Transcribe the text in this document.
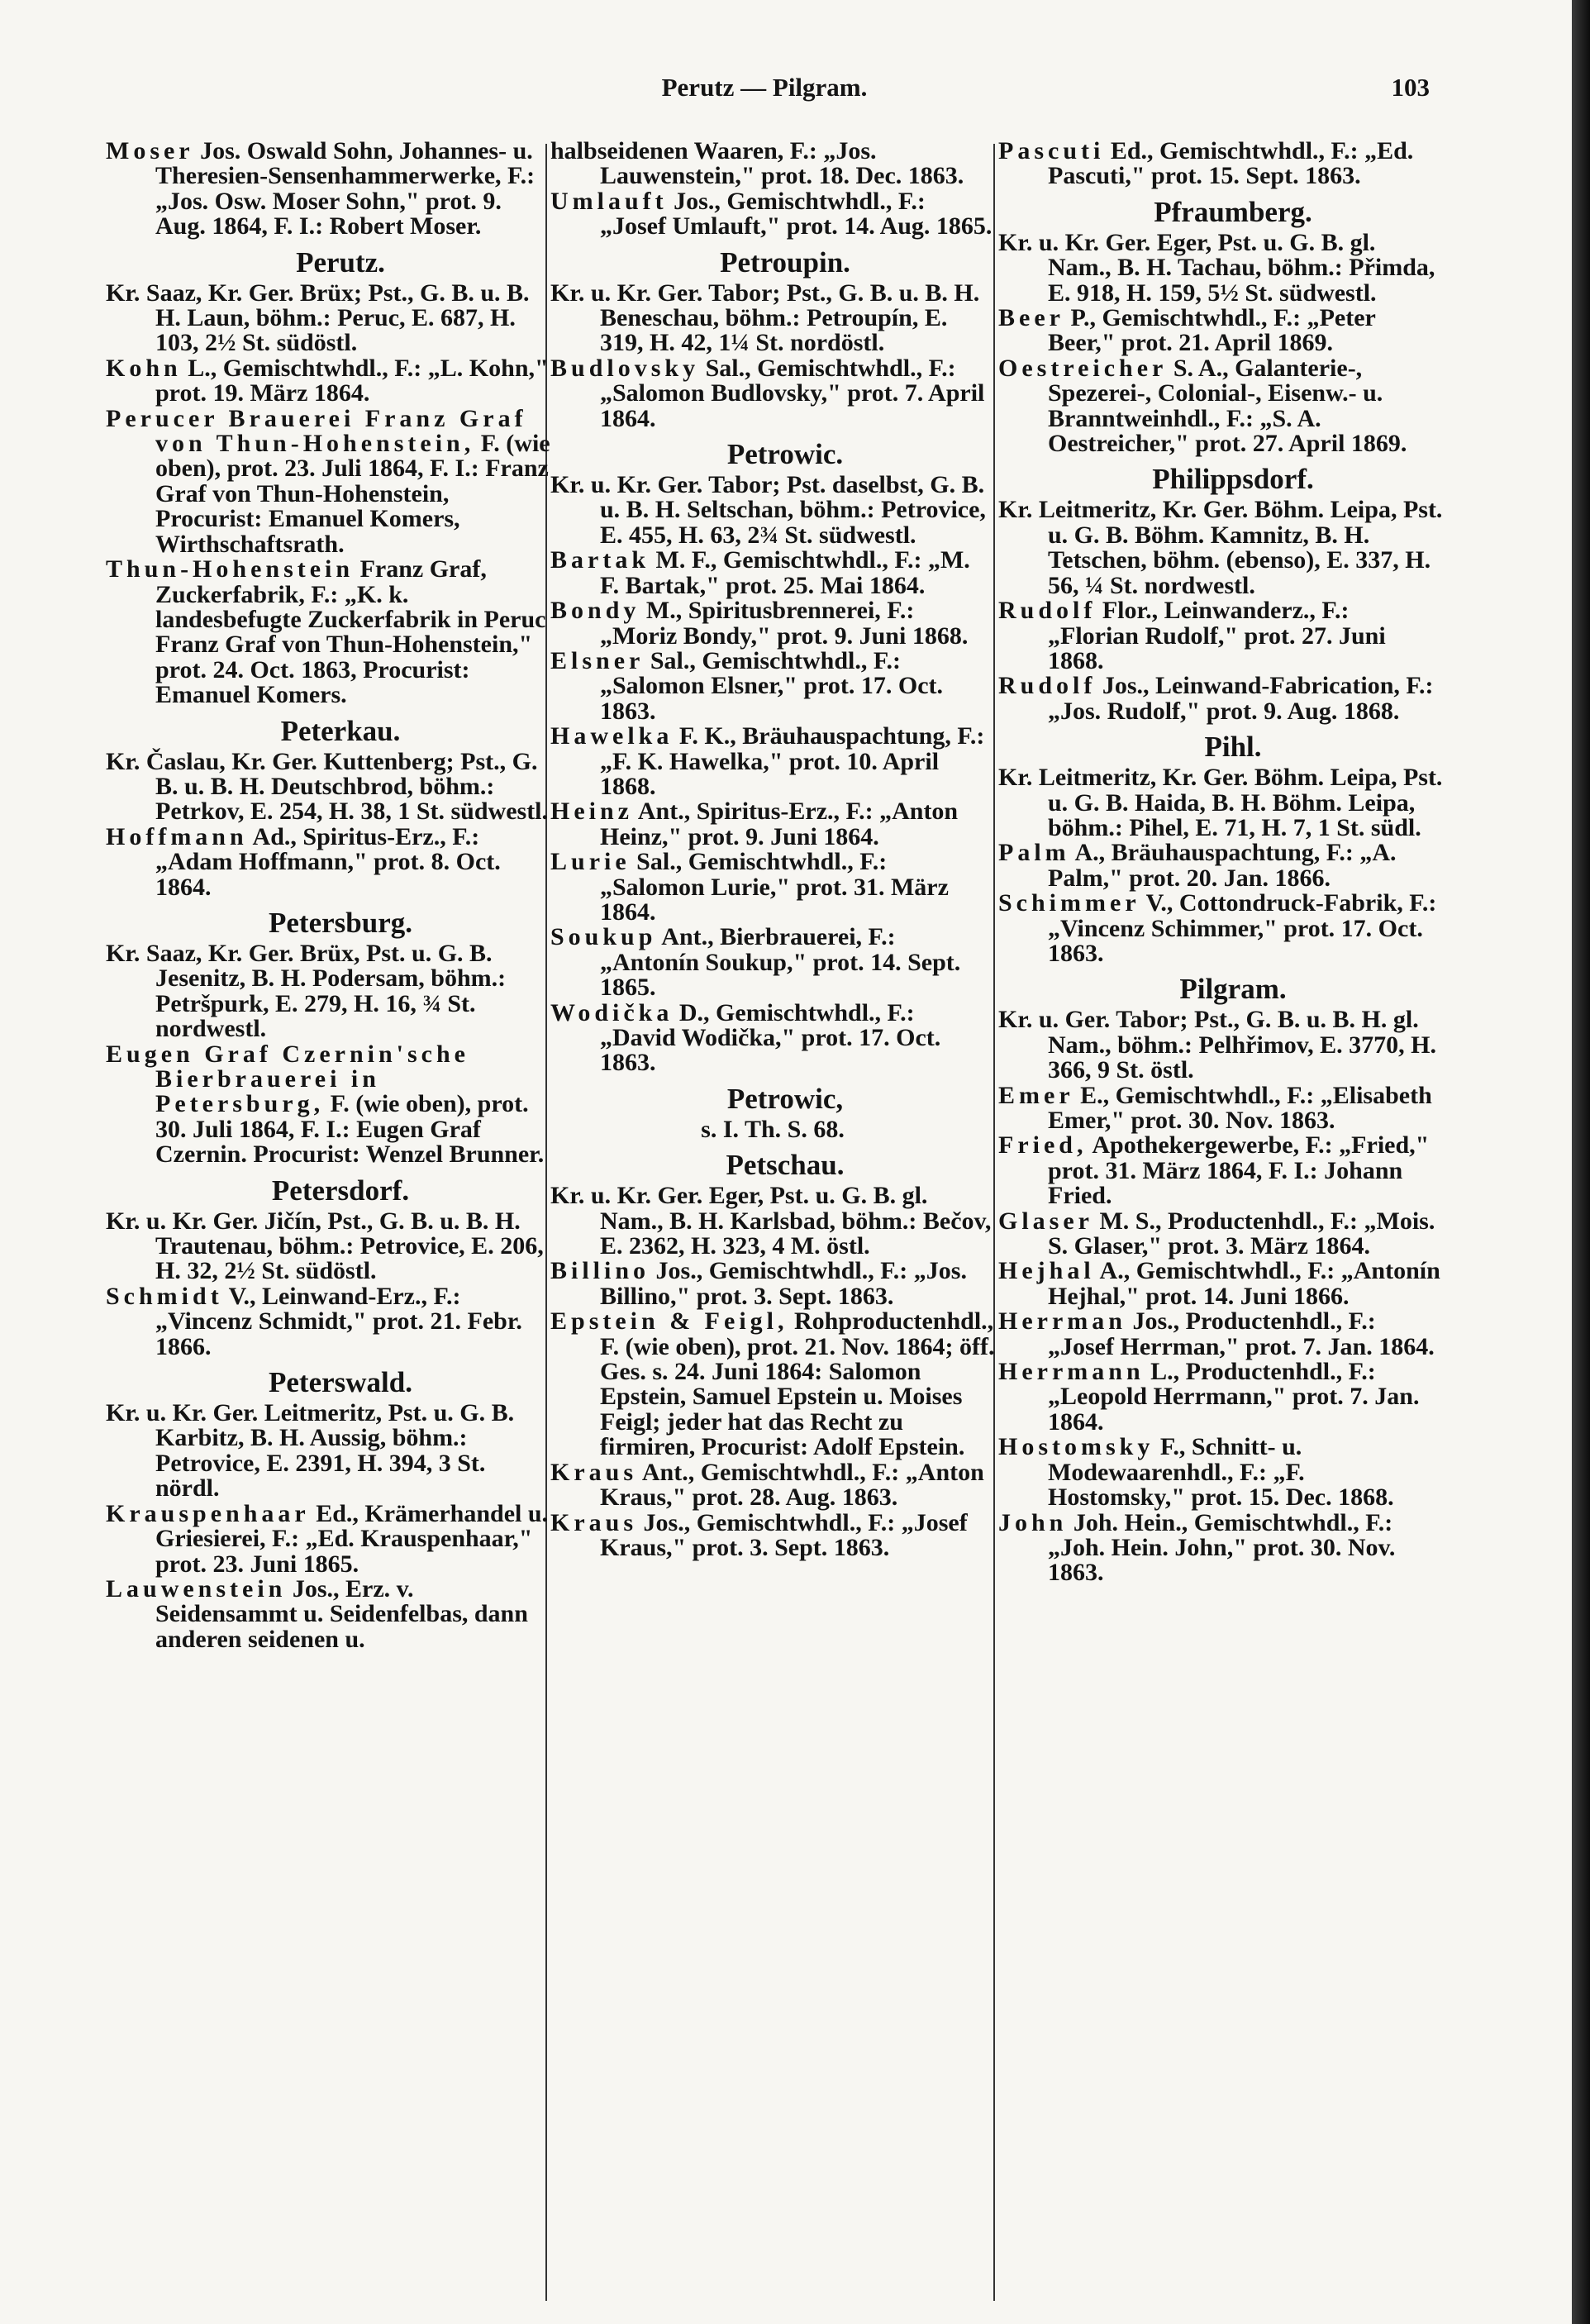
Perutz — Pilgram.	103

Moser Jos. Oswald Sohn, Johannes- u. Theresien-Sensenhammerwerke, F.: „Jos. Osw. Moser Sohn," prot. 9. Aug. 1864, F. I.: Robert Moser.

Perutz.

Kr. Saaz, Kr. Ger. Brüx; Pst., G. B. u. B. H. Laun, böhm.: Peruc, E. 687, H. 103, 2½ St. südöstl.

Kohn L., Gemischtwhdl., F.: „L. Kohn," prot. 19. März 1864.

Perucer Brauerei Franz Graf von Thun-Hohenstein, F. (wie oben), prot. 23. Juli 1864, F. I.: Franz Graf von Thun-Hohenstein, Procurist: Emanuel Komers, Wirthschaftsrath.

Thun-Hohenstein Franz Graf, Zuckerfabrik, F.: „K. k. landesbefugte Zuckerfabrik in Peruc Franz Graf von Thun-Hohenstein," prot. 24. Oct. 1863, Procurist: Emanuel Komers.

Peterkau.

Kr. Časlau, Kr. Ger. Kuttenberg; Pst., G. B. u. B. H. Deutschbrod, böhm.: Petrkov, E. 254, H. 38, 1 St. südwestl.

Hoffmann Ad., Spiritus-Erz., F.: „Adam Hoffmann," prot. 8. Oct. 1864.

Petersburg.

Kr. Saaz, Kr. Ger. Brüx, Pst. u. G. B. Jesenitz, B. H. Podersam, böhm.: Petršpurk, E. 279, H. 16, ¾ St. nordwestl.

Eugen Graf Czernin'sche Bierbrauerei in Petersburg, F. (wie oben), prot. 30. Juli 1864, F. I.: Eugen Graf Czernin. Procurist: Wenzel Brunner.

Petersdorf.

Kr. u. Kr. Ger. Jičín, Pst., G. B. u. B. H. Trautenau, böhm.: Petrovice, E. 206, H. 32, 2½ St. südöstl.

Schmidt V., Leinwand-Erz., F.: „Vincenz Schmidt," prot. 21. Febr. 1866.

Peterswald.

Kr. u. Kr. Ger. Leitmeritz, Pst. u. G. B. Karbitz, B. H. Aussig, böhm.: Petrovice, E. 2391, H. 394, 3 St. nördl.

Krauspenhaar Ed., Krämerhandel u. Griesierei, F.: „Ed. Krauspenhaar," prot. 23. Juni 1865.

Lauwenstein Jos., Erz. v. Seidensammt u. Seidenfelbas, dann anderen seidenen u.

halbseidenen Waaren, F.: „Jos. Lauwenstein," prot. 18. Dec. 1863.

Umlauft Jos., Gemischtwhdl., F.: „Josef Umlauft," prot. 14. Aug. 1865.

Petroupin.

Kr. u. Kr. Ger. Tabor; Pst., G. B. u. B. H. Beneschau, böhm.: Petroupín, E. 319, H. 42, 1¼ St. nordöstl.

Budlovsky Sal., Gemischtwhdl., F.: „Salomon Budlovsky," prot. 7. April 1864.

Petrowic.

Kr. u. Kr. Ger. Tabor; Pst. daselbst, G. B. u. B. H. Seltschan, böhm.: Petrovice, E. 455, H. 63, 2¾ St. südwestl.

Bartak M. F., Gemischtwhdl., F.: „M. F. Bartak," prot. 25. Mai 1864.

Bondy M., Spiritusbrennerei, F.: „Moriz Bondy," prot. 9. Juni 1868.

Elsner Sal., Gemischtwhdl., F.: „Salomon Elsner," prot. 17. Oct. 1863.

Hawelka F. K., Bräuhauspachtung, F.: „F. K. Hawelka," prot. 10. April 1868.

Heinz Ant., Spiritus-Erz., F.: „Anton Heinz," prot. 9. Juni 1864.

Lurie Sal., Gemischtwhdl., F.: „Salomon Lurie," prot. 31. März 1864.

Soukup Ant., Bierbrauerei, F.: „Antonín Soukup," prot. 14. Sept. 1865.

Wodička D., Gemischtwhdl., F.: „David Wodička," prot. 17. Oct. 1863.

Petrowic,

s. I. Th. S. 68.

Petschau.

Kr. u. Kr. Ger. Eger, Pst. u. G. B. gl. Nam., B. H. Karlsbad, böhm.: Bečov, E. 2362, H. 323, 4 M. östl.

Billino Jos., Gemischtwhdl., F.: „Jos. Billino," prot. 3. Sept. 1863.

Epstein & Feigl, Rohproductenhdl., F. (wie oben), prot. 21. Nov. 1864; öff. Ges. s. 24. Juni 1864: Salomon Epstein, Samuel Epstein u. Moises Feigl; jeder hat das Recht zu firmiren, Procurist: Adolf Epstein.

Kraus Ant., Gemischtwhdl., F.: „Anton Kraus," prot. 28. Aug. 1863.

Kraus Jos., Gemischtwhdl., F.: „Josef Kraus," prot. 3. Sept. 1863.

Pascuti Ed., Gemischtwhdl., F.: „Ed. Pascuti," prot. 15. Sept. 1863.

Pfraumberg.

Kr. u. Kr. Ger. Eger, Pst. u. G. B. gl. Nam., B. H. Tachau, böhm.: Přimda, E. 918, H. 159, 5½ St. südwestl.

Beer P., Gemischtwhdl., F.: „Peter Beer," prot. 21. April 1869.

Oestreicher S. A., Galanterie-, Spezerei-, Colonial-, Eisenw.- u. Branntweinhdl., F.: „S. A. Oestreicher," prot. 27. April 1869.

Philippsdorf.

Kr. Leitmeritz, Kr. Ger. Böhm. Leipa, Pst. u. G. B. Böhm. Kamnitz, B. H. Tetschen, böhm. (ebenso), E. 337, H. 56, ¼ St. nordwestl.

Rudolf Flor., Leinwanderz., F.: „Florian Rudolf," prot. 27. Juni 1868.

Rudolf Jos., Leinwand-Fabrication, F.: „Jos. Rudolf," prot. 9. Aug. 1868.

Pihl.

Kr. Leitmeritz, Kr. Ger. Böhm. Leipa, Pst. u. G. B. Haida, B. H. Böhm. Leipa, böhm.: Pihel, E. 71, H. 7, 1 St. südl.

Palm A., Bräuhauspachtung, F.: „A. Palm," prot. 20. Jan. 1866.

Schimmer V., Cottondruck-Fabrik, F.: „Vincenz Schimmer," prot. 17. Oct. 1863.

Pilgram.

Kr. u. Ger. Tabor; Pst., G. B. u. B. H. gl. Nam., böhm.: Pelhřimov, E. 3770, H. 366, 9 St. östl.

Emer E., Gemischtwhdl., F.: „Elisabeth Emer," prot. 30. Nov. 1863.

Fried, Apothekergewerbe, F.: „Fried," prot. 31. März 1864, F. I.: Johann Fried.

Glaser M. S., Productenhdl., F.: „Mois. S. Glaser," prot. 3. März 1864.

Hejhal A., Gemischtwhdl., F.: „Antonín Hejhal," prot. 14. Juni 1866.

Herrman Jos., Productenhdl., F.: „Josef Herrman," prot. 7. Jan. 1864.

Herrmann L., Productenhdl., F.: „Leopold Herrmann," prot. 7. Jan. 1864.

Hostomsky F., Schnitt- u. Modewaarenhdl., F.: „F. Hostomsky," prot. 15. Dec. 1868.

John Joh. Hein., Gemischtwhdl., F.: „Joh. Hein. John," prot. 30. Nov. 1863.
